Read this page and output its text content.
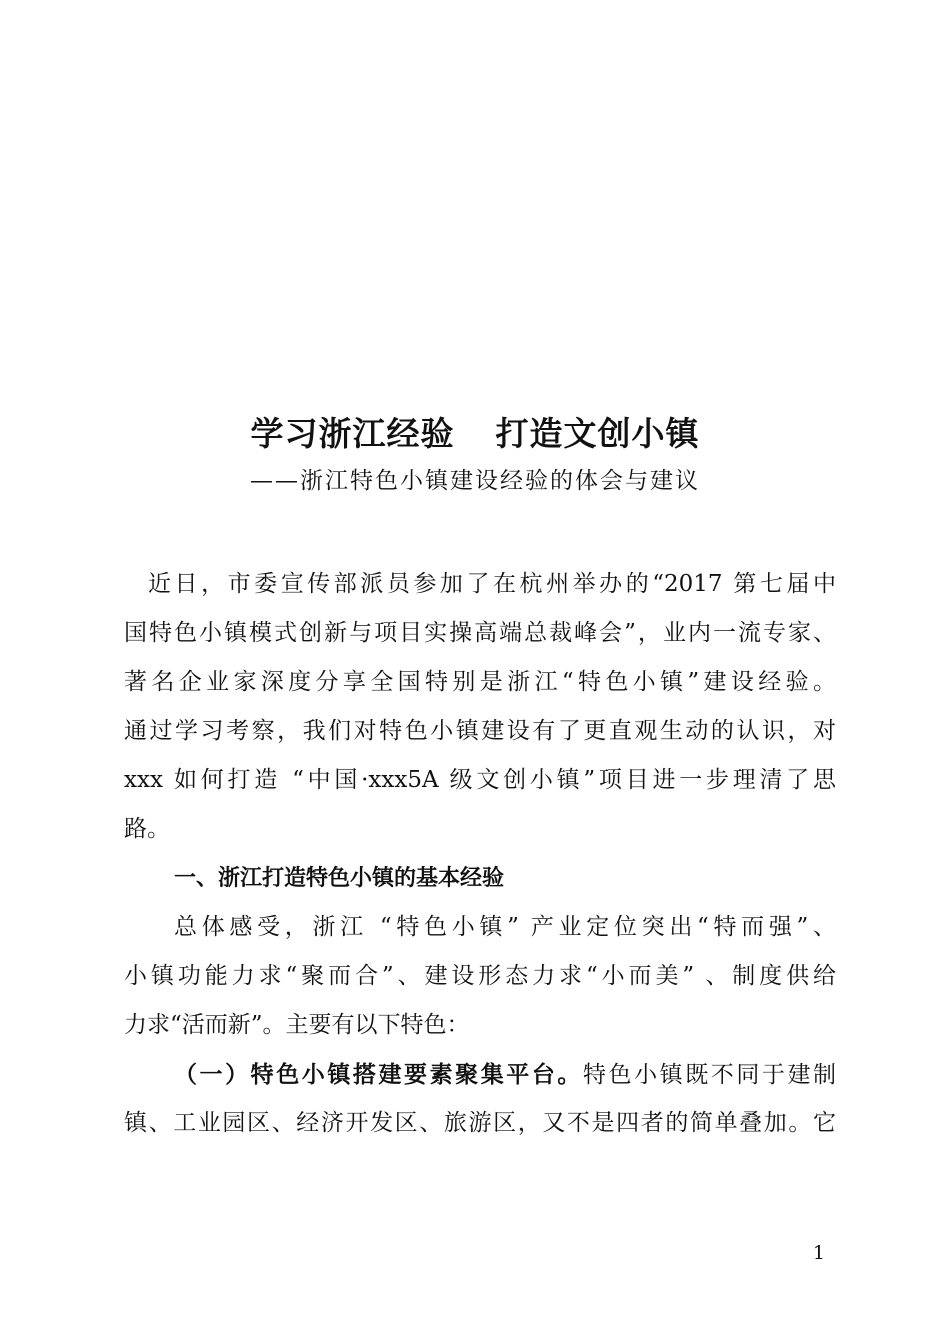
学习浙江经验  打造文创小镇
——浙江特色小镇建设经验的体会与建议
近日，市委宣传部派员参加了在杭州举办的“2017 第七届中
国特色小镇模式创新与项目实操高端总裁峰会”，业内一流专家、
著名企业家深度分享全国特别是浙江“特色小镇”建设经验。
通过学习考察，我们对特色小镇建设有了更直观生动的认识，对
xxx 如何打造 “中国·xxx5A 级文创小镇”项目进一步理清了思
路。
一、浙江打造特色小镇的基本经验
总体感受，浙江 “特色小镇” 产业定位突出“特而强”、
小镇功能力求“聚而合”、建设形态力求“小而美” 、制度供给
力求“活而新”。主要有以下特色：
（一）特色小镇搭建要素聚集平台。特色小镇既不同于建制
镇、工业园区、经济开发区、旅游区，又不是四者的简单叠加。它
1
